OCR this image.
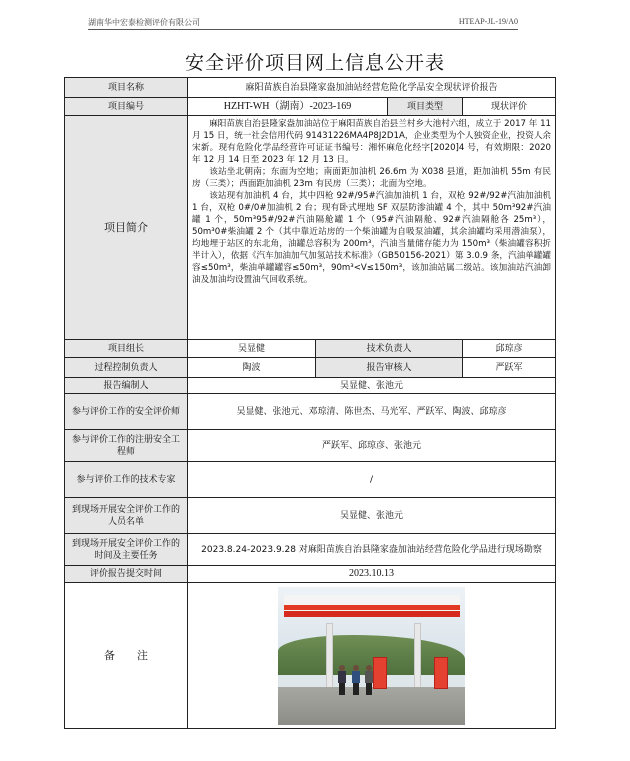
湖南华中宏泰检测评价有限公司	HTEAP-JL-19/A0
安全评价项目网上信息公开表
项目名称	麻阳苗族自治县隆家盎加油站经营危险化学品安全现状评价报告			
项目编号	HZHT-WH（湖南）-2023-169		项目类型	现状评价
项目简介	麻阳苗族自治县隆家盎加油站位于麻阳苗族自治县兰村乡大池村六组，成立于 2017 年 11 月 15 日，统一社会信用代码 91431226MA4P8J2D1A，企业类型为个人独资企业，投资人余宋新。现有危险化学品经营许可证证书编号：湘怀麻危化经字[2020]4 号，有效期限：2020 年 12 月 14 日至 2023 年 12 月 13 日。

该站坐北朝南；东面为空地；南面距加油机 26.6m 为 X038 县道，距加油机 55m 有民房（三类）；西面距加油机 23m 有民房（三类）；北面为空地。

该站现有加油机 4 台，其中四枪 92#/95#汽油加油机 1 台，双枪 92#/92#汽油加油机 1 台，双枪 0#/0#加油机 2 台；现有卧式埋地 SF 双层防渗油罐 4 个，其中 50m³92#汽油罐 1 个，50m³95#/92#汽油隔舱罐 1 个（95#汽油隔舱、92#汽油隔舱各 25m³），50m³0#柴油罐 2 个（其中靠近站房的一个柴油罐为自吸泵油罐，其余油罐均采用潜油泵），均地埋于站区的东北角，油罐总容积为 200m³，汽油当量储存能力为 150m³（柴油罐容积折半计入），依据《汽车加油加气加氢站技术标准》（GB50156-2021）第 3.0.9 条，汽油单罐罐容≤50m³，柴油单罐罐容≤50m³，90m³<V≤150m³，该加油站属二级站。该加油站汽油卸油及加油均设置油气回收系统。			

项目组长	吴显健	技术负责人		邱琼彦
过程控制负责人	陶波	报告审核人		严跃军
报告编制人	吴显健、张池元			
参与评价工作的安全评价师	吴显健、张池元、邓琼清、陈世杰、马光军、严跃军、陶波、邱琼彦			
参与评价工作的注册安全工程师	严跃军、邱琼彦、张池元			
参与评价工作的技术专家	/			
到现场开展安全评价工作的人员名单	吴显健、张池元			
到现场开展安全评价工作的时间及主要任务	2023.8.24-2023.9.28 对麻阳苗族自治县隆家盎加油站经营危险化学品进行现场勘察			
评价报告提交时间	2023.10.13			
备　　注				
